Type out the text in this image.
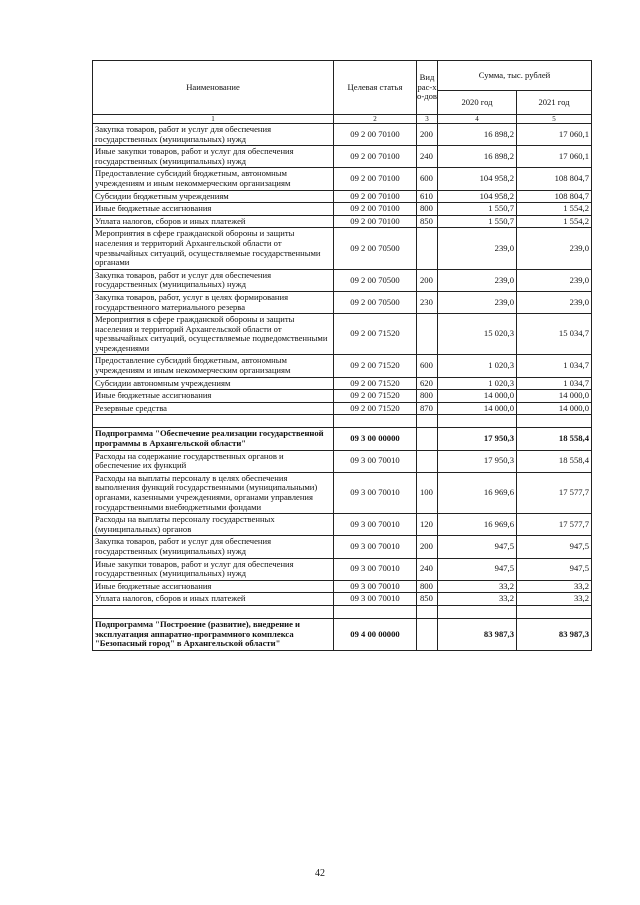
Наименование	Целевая статья	Вид рас-хо-дов	Сумма, тыс. рублей	
			2020 год	2021 год
1	2	3	4	5
Закупка товаров, работ и услуг для обеспечения государственных (муниципальных) нужд	09 2 00 70100	200	16 898,2	17 060,1
Иные закупки товаров, работ и услуг для обеспечения государственных (муниципальных) нужд	09 2 00 70100	240	16 898,2	17 060,1
Предоставление субсидий бюджетным, автономным учреждениям и иным некоммерческим организациям	09 2 00 70100	600	104 958,2	108 804,7
Субсидии бюджетным учреждениям	09 2 00 70100	610	104 958,2	108 804,7
Иные бюджетные ассигнования	09 2 00 70100	800	1 550,7	1 554,2
Уплата налогов, сборов и иных платежей	09 2 00 70100	850	1 550,7	1 554,2
Мероприятия в сфере гражданской обороны и защиты населения и территорий Архангельской области от чрезвычайных ситуаций, осуществляемые государственными органами	09 2 00 70500		239,0	239,0
Закупка товаров, работ и услуг для обеспечения государственных (муниципальных) нужд	09 2 00 70500	200	239,0	239,0
Закупка товаров, работ, услуг в целях формирования государственного материального резерва	09 2 00 70500	230	239,0	239,0
Мероприятия в сфере гражданской обороны и защиты населения и территорий Архангельской области от чрезвычайных ситуаций, осуществляемые подведомственными учреждениями	09 2 00 71520		15 020,3	15 034,7
Предоставление субсидий бюджетным, автономным учреждениям и иным некоммерческим организациям	09 2 00 71520	600	1 020,3	1 034,7
Субсидии автономным учреждениям	09 2 00 71520	620	1 020,3	1 034,7
Иные бюджетные ассигнования	09 2 00 71520	800	14 000,0	14 000,0
Резервные средства	09 2 00 71520	870	14 000,0	14 000,0

Подпрограмма "Обеспечение реализации государственной программы в Архангельской области"	09 3 00 00000		17 950,3	18 558,4
Расходы на содержание государственных органов и обеспечение их функций	09 3 00 70010		17 950,3	18 558,4
Расходы на выплаты персоналу в целях обеспечения выполнения функций государственными (муниципальными) органами, казенными учреждениями, органами управления государственными внебюджетными фондами	09 3 00 70010	100	16 969,6	17 577,7
Расходы на выплаты персоналу государственных (муниципальных) органов	09 3 00 70010	120	16 969,6	17 577,7
Закупка товаров, работ и услуг для обеспечения государственных (муниципальных) нужд	09 3 00 70010	200	947,5	947,5
Иные закупки товаров, работ и услуг для обеспечения государственных (муниципальных) нужд	09 3 00 70010	240	947,5	947,5
Иные бюджетные ассигнования	09 3 00 70010	800	33,2	33,2
Уплата налогов, сборов и иных платежей	09 3 00 70010	850	33,2	33,2

Подпрограмма "Построение (развитие), внедрение и эксплуатация аппаратно-программного комплекса "Безопасный город" в Архангельской области"	09 4 00 00000		83 987,3	83 987,3
42
